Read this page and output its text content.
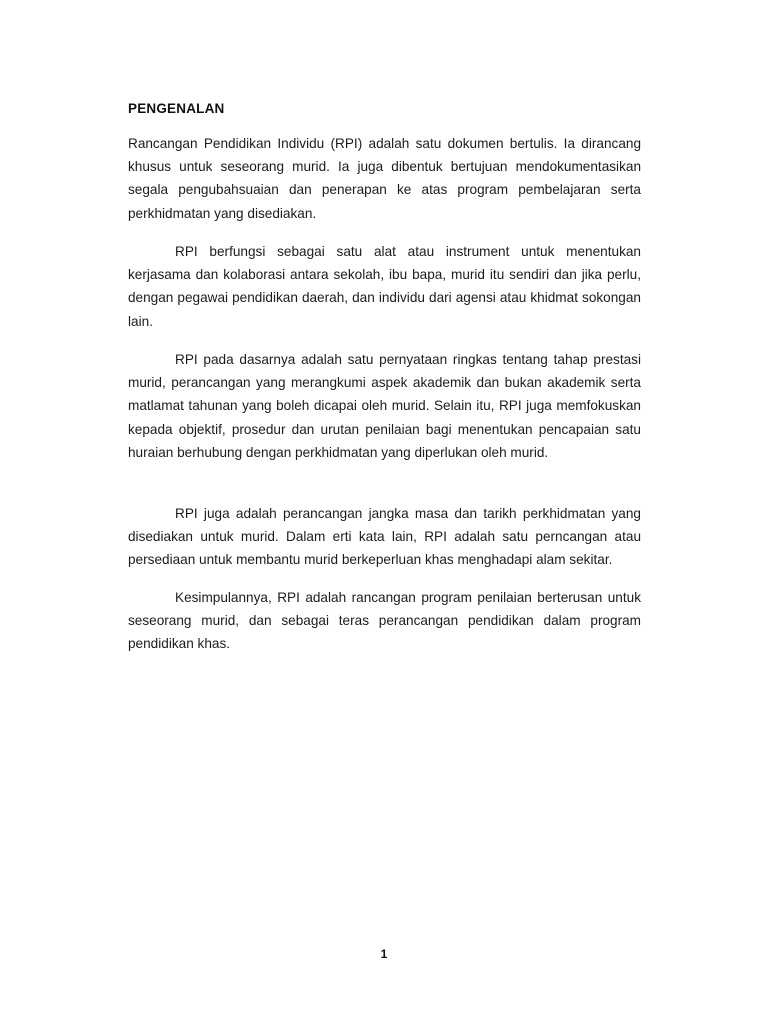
PENGENALAN

Rancangan Pendidikan Individu (RPI) adalah satu dokumen bertulis. Ia dirancang khusus untuk seseorang murid. Ia juga dibentuk bertujuan mendokumentasikan segala pengubahsuaian dan penerapan ke atas program pembelajaran serta perkhidmatan yang disediakan.

RPI berfungsi sebagai satu alat atau instrument untuk menentukan kerjasama dan kolaborasi antara sekolah, ibu bapa, murid itu sendiri dan jika perlu, dengan pegawai pendidikan daerah, dan individu dari agensi atau khidmat sokongan lain.

RPI pada dasarnya adalah satu pernyataan ringkas tentang tahap prestasi murid, perancangan yang merangkumi aspek akademik dan bukan akademik serta matlamat tahunan yang boleh dicapai oleh murid. Selain itu, RPI juga memfokuskan kepada objektif, prosedur dan urutan penilaian bagi menentukan pencapaian satu huraian berhubung dengan perkhidmatan yang diperlukan oleh murid.

RPI juga adalah perancangan jangka masa dan tarikh perkhidmatan yang disediakan untuk murid. Dalam erti kata lain, RPI adalah satu perncangan atau persediaan untuk membantu murid berkeperluan khas menghadapi alam sekitar.

Kesimpulannya, RPI adalah rancangan program penilaian berterusan untuk seseorang murid, dan sebagai teras perancangan pendidikan dalam program pendidikan khas.

1
